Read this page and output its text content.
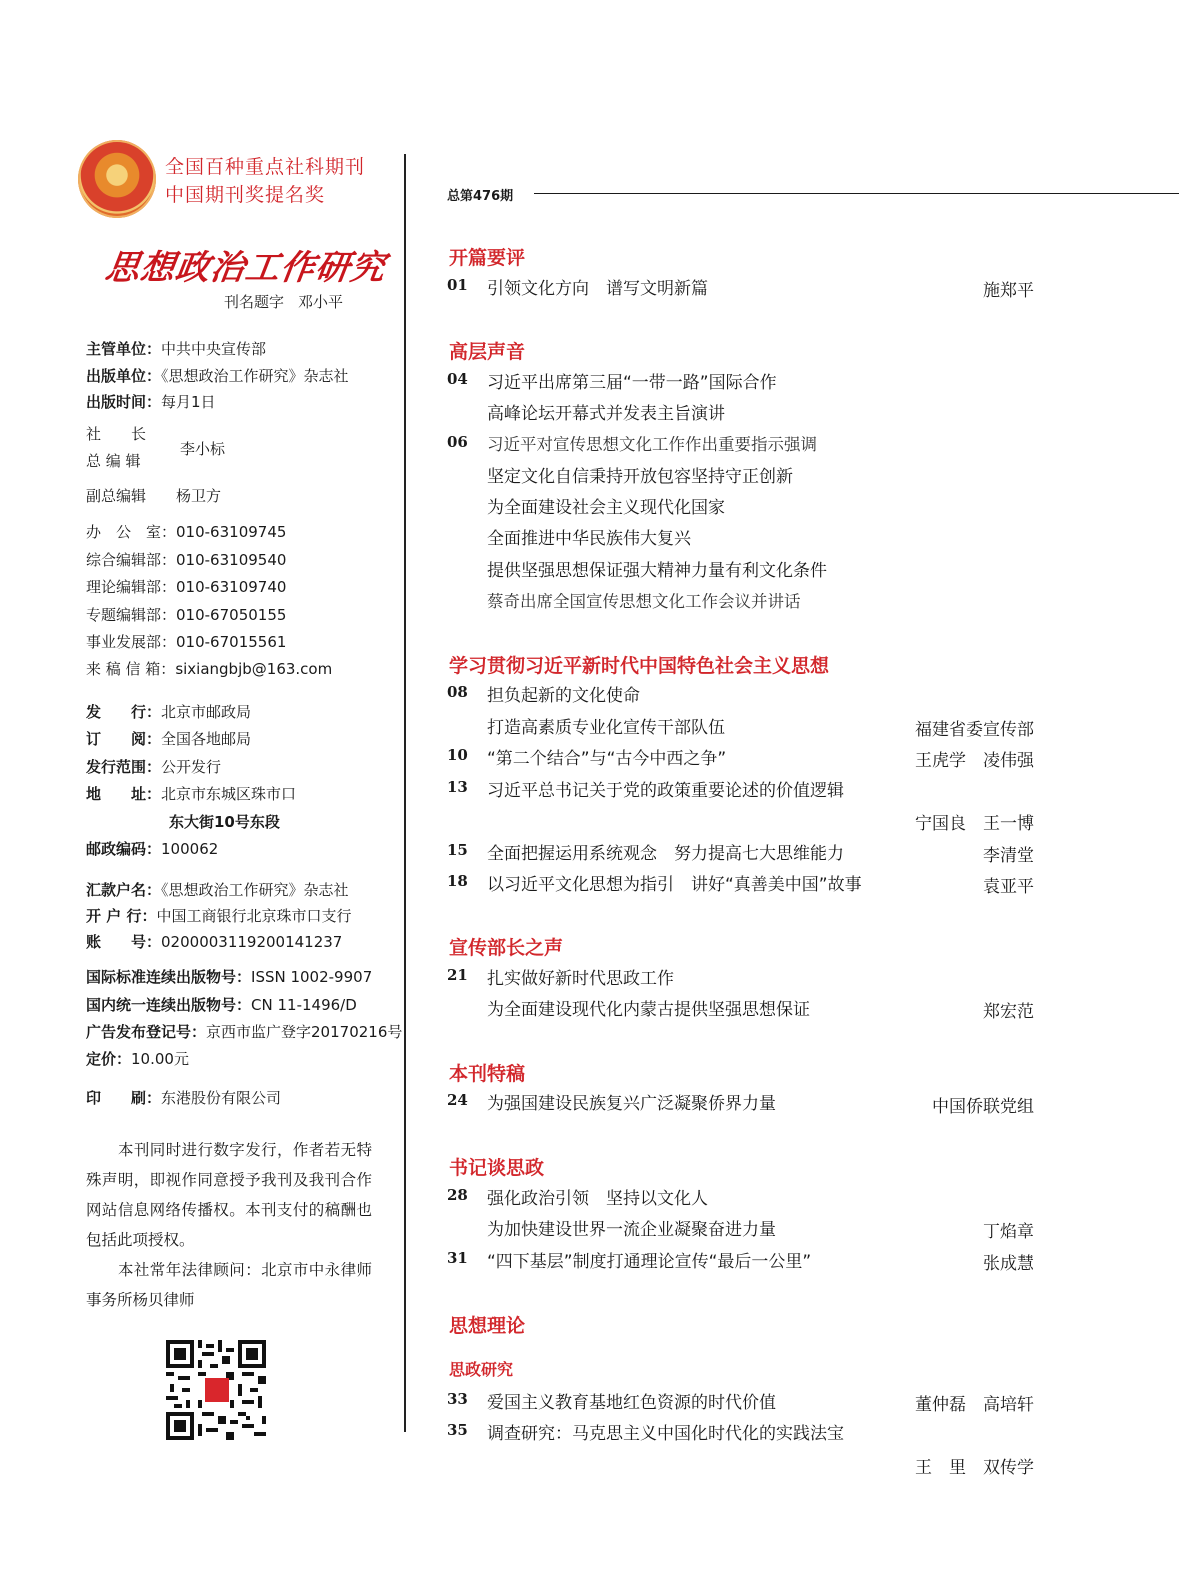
全国百种重点社科期刊
中国期刊奖提名奖
思想政治工作研究
刊名题字 邓小平
主管单位：中共中央宣传部
出版单位：《思想政治工作研究》杂志社
出版时间：每月1日
社　　长
总 编 辑
李小标
副总编辑 杨卫方
办　公　室：010-63109745
综合编辑部：010-63109540
理论编辑部：010-63109740
专题编辑部：010-67050155
事业发展部：010-67015561
来 稿 信 箱：sixiangbjb@163.com
发　　行：北京市邮政局
订　　阅：全国各地邮局
发行范围：公开发行
地　　址：北京市东城区珠市口
东大街10号东段
邮政编码：100062
汇款户名：《思想政治工作研究》杂志社
开 户 行：中国工商银行北京珠市口支行
账　　号：0200003119200141237
国际标准连续出版物号：ISSN 1002-9907
国内统一连续出版物号：CN 11-1496/D
广告发布登记号：京西市监广登字20170216号
定价：10.00元
印　　刷：东港股份有限公司

本刊同时进行数字发行，作者若无特殊声明，即视作同意授予我刊及我刊合作网站信息网络传播权。本刊支付的稿酬也包括此项授权。

本社常年法律顾问：北京市中永律师事务所杨贝律师

总第476期
开篇要评
01 引领文化方向　谱写文明新篇	施郑平
高层声音
04 习近平出席第三届“一带一路”国际合作
高峰论坛开幕式并发表主旨演讲
06 习近平对宣传思想文化工作作出重要指示强调
坚定文化自信秉持开放包容坚持守正创新
为全面建设社会主义现代化国家
全面推进中华民族伟大复兴
提供坚强思想保证强大精神力量有利文化条件
蔡奇出席全国宣传思想文化工作会议并讲话
学习贯彻习近平新时代中国特色社会主义思想
08 担负起新的文化使命
打造高素质专业化宣传干部队伍	福建省委宣传部
10 “第二个结合”与“古今中西之争”	王虎学　凌伟强
13 习近平总书记关于党的政策重要论述的价值逻辑
宁国良　王一博
15 全面把握运用系统观念　努力提高七大思维能力	李清堂
18 以习近平文化思想为指引　讲好“真善美中国”故事	袁亚平
宣传部长之声
21 扎实做好新时代思政工作
为全面建设现代化内蒙古提供坚强思想保证	郑宏范
本刊特稿
24 为强国建设民族复兴广泛凝聚侨界力量	中国侨联党组
书记谈思政
28 强化政治引领　坚持以文化人
为加快建设世界一流企业凝聚奋进力量	丁焰章
31 “四下基层”制度打通理论宣传“最后一公里”	张成慧
思想理论
思政研究
33 爱国主义教育基地红色资源的时代价值	董仲磊　高培轩
35 调查研究：马克思主义中国化时代化的实践法宝
王　里　双传学
